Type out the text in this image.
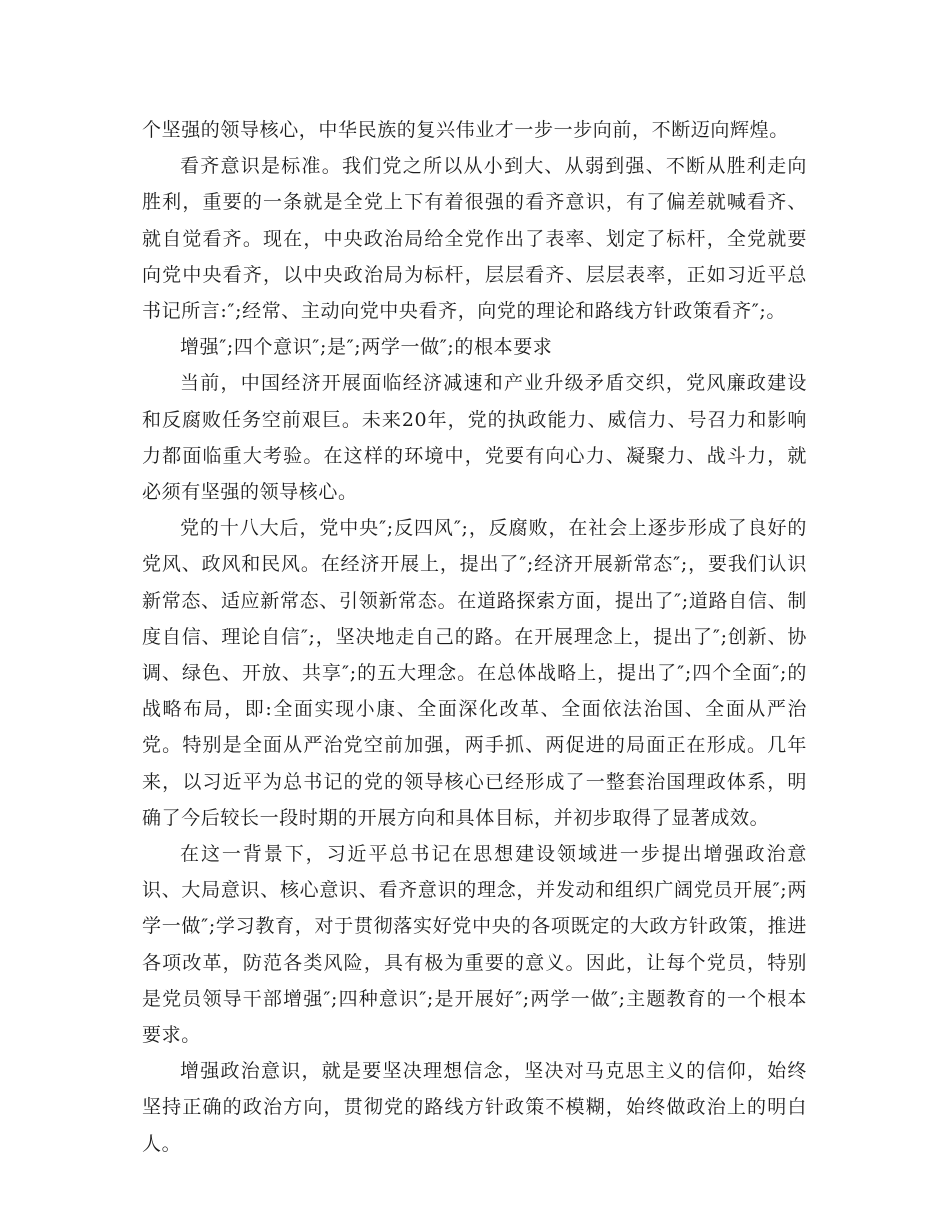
个坚强的领导核心，中华民族的复兴伟业才一步一步向前，不断迈向辉煌。

看齐意识是标准。我们党之所以从小到大、从弱到强、不断从胜利走向胜利，重要的一条就是全党上下有着很强的看齐意识，有了偏差就喊看齐、就自觉看齐。现在，中央政治局给全党作出了表率、划定了标杆，全党就要向党中央看齐，以中央政治局为标杆，层层看齐、层层表率，正如习近平总书记所言:″;经常、主动向党中央看齐，向党的理论和路线方针政策看齐″;。

增强″;四个意识″;是″;两学一做″;的根本要求

当前，中国经济开展面临经济减速和产业升级矛盾交织，党风廉政建设和反腐败任务空前艰巨。未来20年，党的执政能力、威信力、号召力和影响力都面临重大考验。在这样的环境中，党要有向心力、凝聚力、战斗力，就必须有坚强的领导核心。

党的十八大后，党中央″;反四风″;，反腐败，在社会上逐步形成了良好的党风、政风和民风。在经济开展上，提出了″;经济开展新常态″;，要我们认识新常态、适应新常态、引领新常态。在道路探索方面，提出了″;道路自信、制度自信、理论自信″;，坚决地走自己的路。在开展理念上，提出了″;创新、协调、绿色、开放、共享″;的五大理念。在总体战略上，提出了″;四个全面″;的战略布局，即:全面实现小康、全面深化改革、全面依法治国、全面从严治党。特别是全面从严治党空前加强，两手抓、两促进的局面正在形成。几年来，以习近平为总书记的党的领导核心已经形成了一整套治国理政体系，明确了今后较长一段时期的开展方向和具体目标，并初步取得了显著成效。

在这一背景下，习近平总书记在思想建设领域进一步提出增强政治意识、大局意识、核心意识、看齐意识的理念，并发动和组织广阔党员开展″;两学一做″;学习教育，对于贯彻落实好党中央的各项既定的大政方针政策，推进各项改革，防范各类风险，具有极为重要的意义。因此，让每个党员，特别是党员领导干部增强″;四种意识″;是开展好″;两学一做″;主题教育的一个根本要求。

增强政治意识，就是要坚决理想信念，坚决对马克思主义的信仰，始终坚持正确的政治方向，贯彻党的路线方针政策不模糊，始终做政治上的明白人。
